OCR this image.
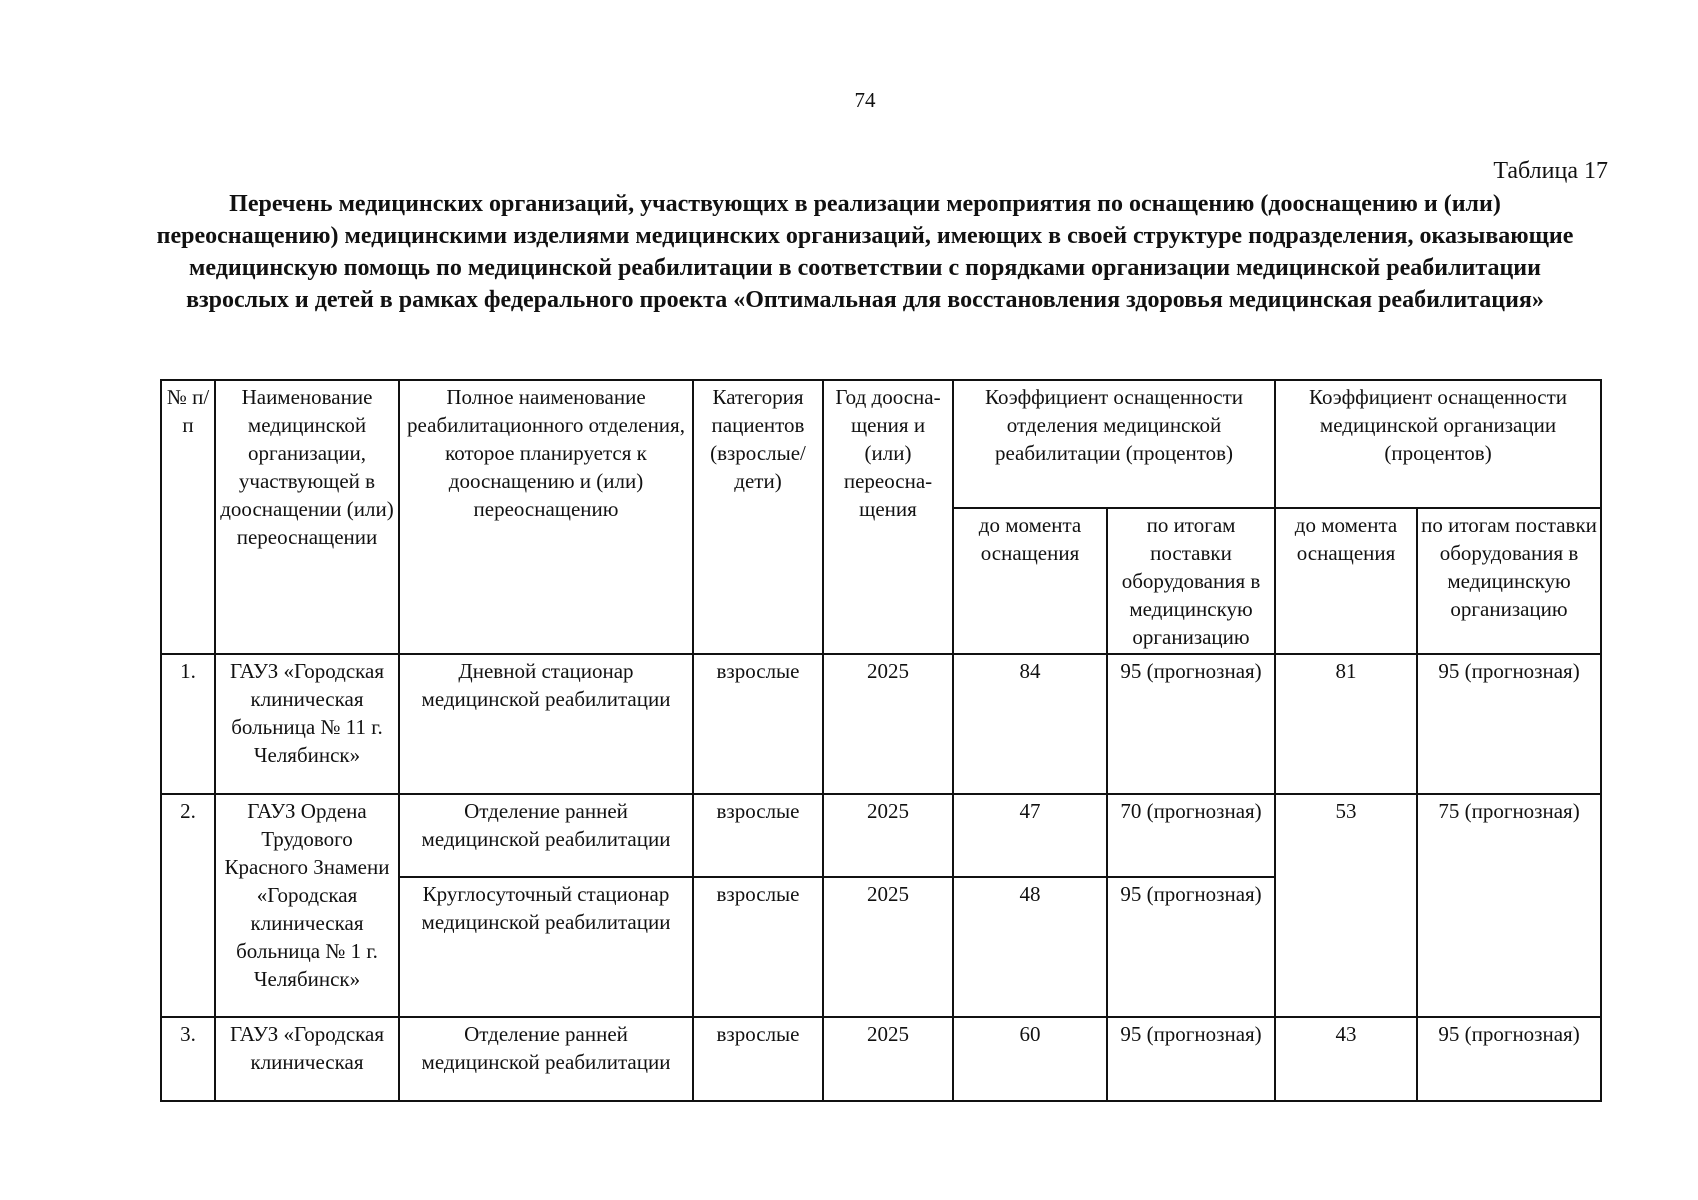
74
Таблица 17
Перечень медицинских организаций, участвующих в реализации мероприятия по оснащению (дооснащению и (или) переоснащению) медицинскими изделиями медицинских организаций, имеющих в своей структуре подразделения, оказывающие медицинскую помощь по медицинской реабилитации в соответствии с порядками организации медицинской реабилитации взрослых и детей в рамках федерального проекта «Оптимальная для восстановления здоровья медицинская реабилитация»
№ п/п	Наименование медицинской организации, участвующей в дооснащении (или) переоснащении	Полное наименование реабилитационного отделения, которое планируется к дооснащению и (или) переоснащению	Категория пациентов (взрослые/ дети)	Год доосна-щения и (или) переосна-щения	Коэффициент оснащенности отделения медицинской реабилитации (процентов)		Коэффициент оснащенности медицинской организации (процентов)	
					до момента оснащения	по итогам поставки оборудования в медицинскую организацию	до момента оснащения	по итогам поставки оборудования в медицинскую организацию
1.	ГАУЗ «Городская клиническая больница № 11 г. Челябинск»	Дневной стационар медицинской реабилитации	взрослые	2025	84	95 (прогнозная)	81	95 (прогнозная)
2.	ГАУЗ Ордена Трудового Красного Знамени «Городская клиническая больница № 1 г. Челябинск»	Отделение ранней медицинской реабилитации	взрослые	2025	47	70 (прогнозная)	53	75 (прогнозная)
		Круглосуточный стационар медицинской реабилитации	взрослые	2025	48	95 (прогнозная)		
3.	ГАУЗ «Городская клиническая	Отделение ранней медицинской реабилитации	взрослые	2025	60	95 (прогнозная)	43	95 (прогнозная)
